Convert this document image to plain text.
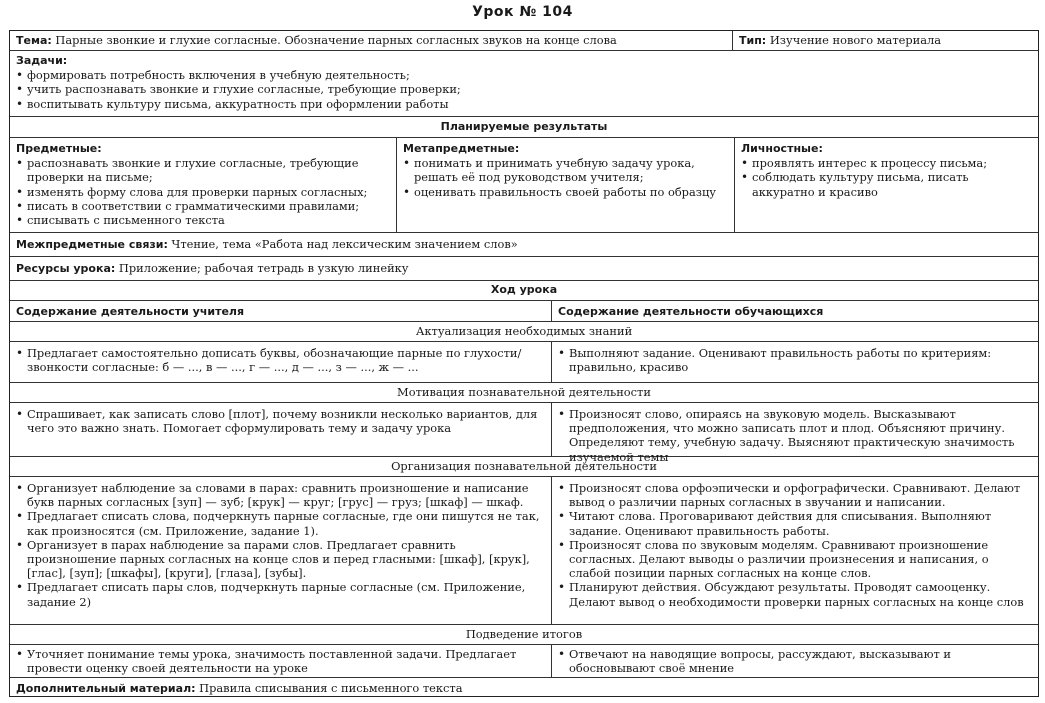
Урок № 104
Тема: Парные звонкие и глухие согласные. Обозначение парных согласных звуков на конце слова	Тип: Изучение нового материала
Задачи:
• формировать потребность включения в учебную деятельность;
• учить распознавать звонкие и глухие согласные, требующие проверки;
• воспитывать культуру письма, аккуратность при оформлении работы
Планируемые результаты
Предметные:
• распознавать звонкие и глухие согласные, требующие проверки на письме;
• изменять форму слова для проверки парных согласных;
• писать в соответствии с грамматическими правилами;
• списывать с письменного текста
Метапредметные:
• понимать и принимать учебную задачу урока, решать её под руководством учителя;
• оценивать правильность своей работы по образцу
Личностные:
• проявлять интерес к процессу письма;
• соблюдать культуру письма, писать аккуратно и красиво
Межпредметные связи: Чтение, тема «Работа над лексическим значением слов»
Ресурсы урока: Приложение; рабочая тетрадь в узкую линейку
Ход урока
Содержание деятельности учителя	Содержание деятельности обучающихся
Актуализация необходимых знаний
• Предлагает самостоятельно дописать буквы, обозначающие парные по глухости/звонкости согласные: б — ..., в — ..., г — ..., д — ..., з — ..., ж — ...
• Выполняют задание. Оценивают правильность работы по критериям: правильно, красиво
Мотивация познавательной деятельности
• Спрашивает, как записать слово [плот], почему возникли несколько вариантов, для чего это важно знать. Помогает сформулировать тему и задачу урока
• Произносят слово, опираясь на звуковую модель. Высказывают предположения, что можно записать плот и плод. Объясняют причину. Определяют тему, учебную задачу. Выясняют практическую значимость изучаемой темы
Организация познавательной деятельности
• Организует наблюдение за словами в парах: сравнить произношение и написание букв парных согласных [зуп] — зуб; [крук] — круг; [грус] — груз; [шкаф] — шкаф.
• Предлагает списать слова, подчеркнуть парные согласные, где они пишутся не так, как произносятся (см. Приложение, задание 1).
• Организует в парах наблюдение за парами слов. Предлагает сравнить произношение парных согласных на конце слов и перед гласными: [шкаф], [крук], [глас], [зуп]; [шкафы], [круги], [глаза], [зубы].
• Предлагает списать пары слов, подчеркнуть парные согласные (см. Приложение, задание 2)
• Произносят слова орфоэпически и орфографически. Сравнивают. Делают вывод о различии парных согласных в звучании и написании.
• Читают слова. Проговаривают действия для списывания. Выполняют задание. Оценивают правильность работы.
• Произносят слова по звуковым моделям. Сравнивают произношение согласных. Делают выводы о различии произнесения и написания, о слабой позиции парных согласных на конце слов.
• Планируют действия. Обсуждают результаты. Проводят самооценку. Делают вывод о необходимости проверки парных согласных на конце слов
Подведение итогов
• Уточняет понимание темы урока, значимость поставленной задачи. Предлагает провести оценку своей деятельности на уроке
• Отвечают на наводящие вопросы, рассуждают, высказывают и обосновывают своё мнение
Дополнительный материал: Правила списывания с письменного текста
